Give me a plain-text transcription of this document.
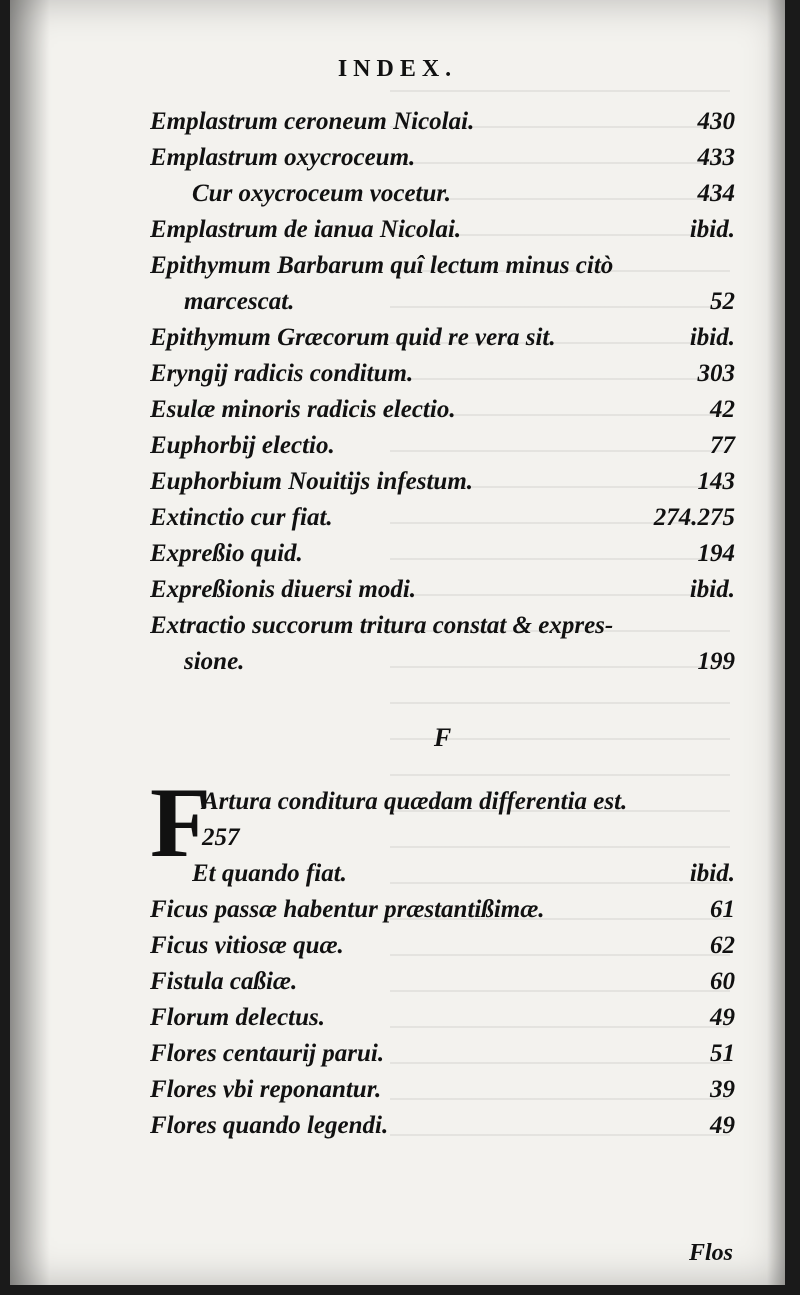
INDEX.
Emplastrum ceroneum Nicolai.	430
Emplastrum oxycroceum.	433
Cur oxycroceum vocetur.	434
Emplastrum de ianua Nicolai.	ibid.
Epithymum Barbarum quî lectum minus citò
marcescat.	52
Epithymum Græcorum quid re vera sit.	ibid.
Eryngij radicis conditum.	303
Esulæ minoris radicis electio.	42
Euphorbij electio.	77
Euphorbium Nouitijs infestum.	143
Extinctio cur fiat.	274.275
Expreßio quid.	194
Expreßionis diuersi modi.	ibid.
Extractio succorum tritura constat & expres-
sione.	199
F
F
Artura conditura quædam differentia est.
257
Et quando fiat.	ibid.
Ficus passæ habentur præstantißimæ.	61
Ficus vitiosæ quæ.	62
Fistula caßiæ.	60
Florum delectus.	49
Flores centaurij parui.	51
Flores vbi reponantur.	39
Flores quando legendi.	49
Flos
